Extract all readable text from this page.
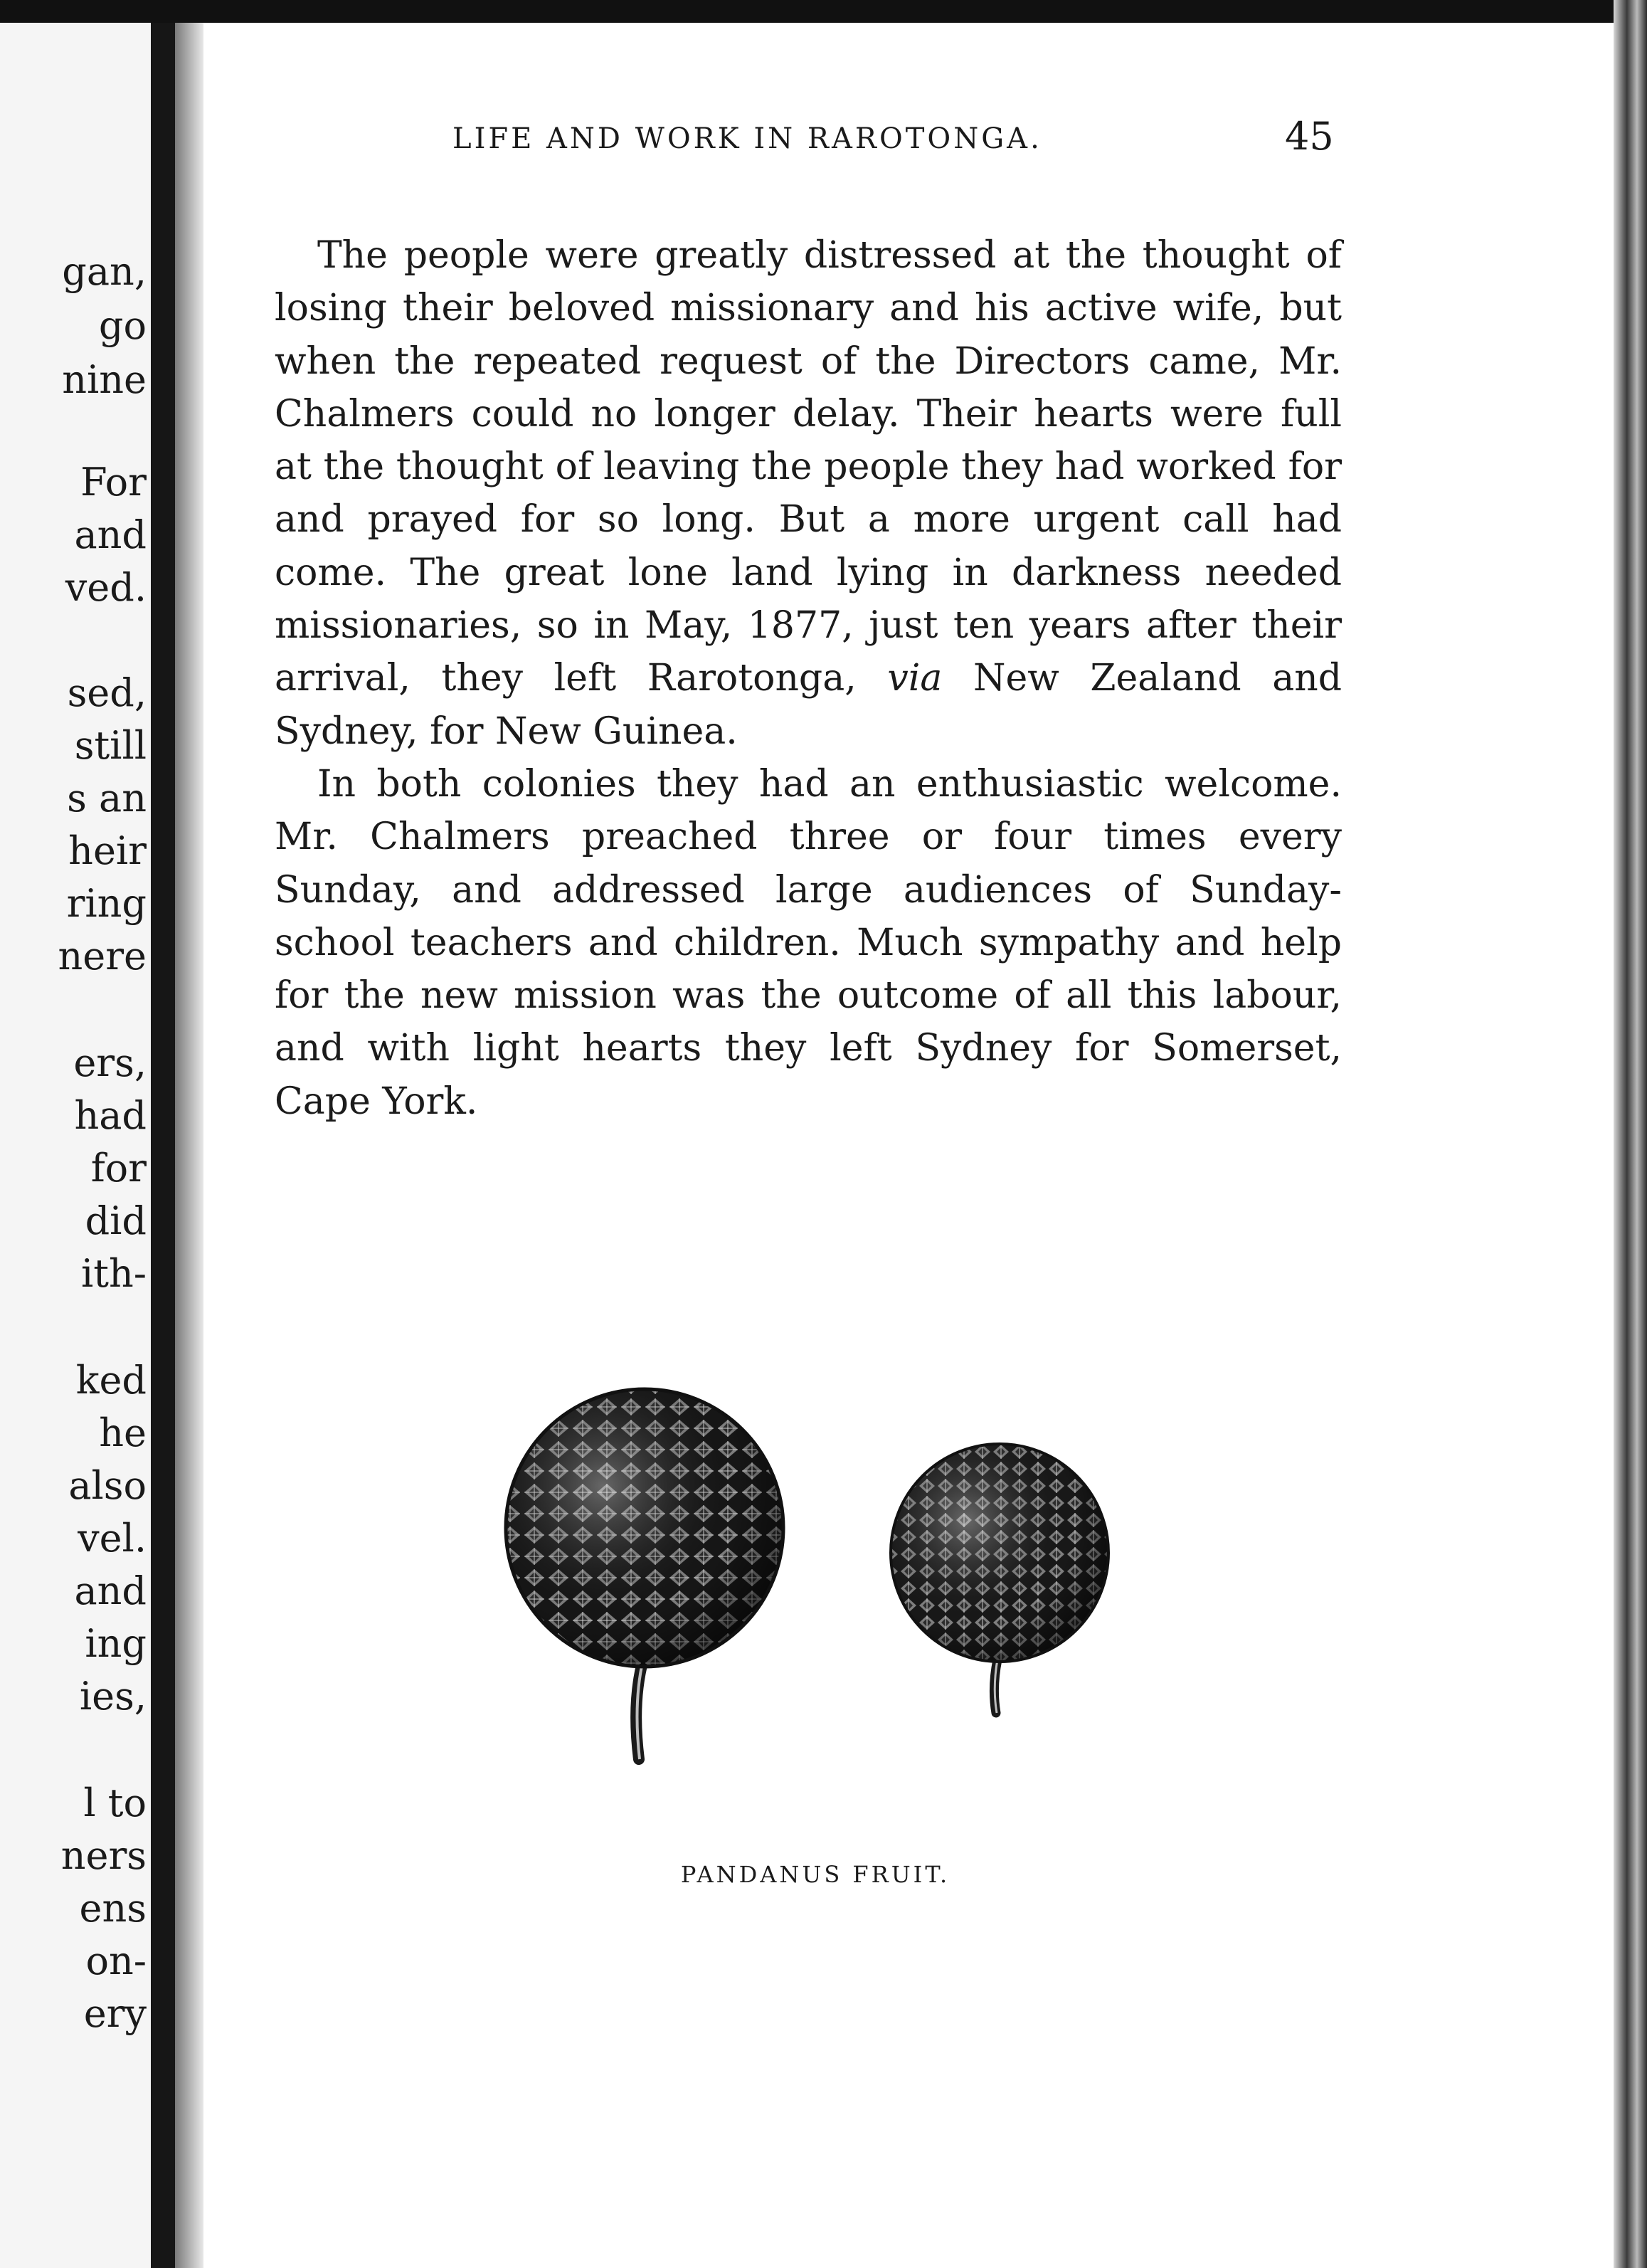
gan,

go

nine

For

and

ved.

sed,

still

s an

heir

ring

nere

ers,

had

for

did

ith-

ked

he

also

vel.

and

ing

ies,

l to

ners

ens

on-

ery

LIFE AND WORK IN RAROTONGA.	45

The people were greatly distressed at the thought of losing their beloved missionary and his active wife, but when the repeated request of the Directors came, Mr. Chalmers could no longer delay. Their hearts were full at the thought of leaving the people they had worked for and prayed for so long. But a more urgent call had come. The great lone land lying in darkness needed missionaries, so in May, 1877, just ten years after their arrival, they left Rarotonga, via New Zealand and Sydney, for New Guinea.

In both colonies they had an enthusiastic welcome. Mr. Chalmers preached three or four times every Sunday, and addressed large audiences of Sunday-school teachers and children. Much sympathy and help for the new mission was the outcome of all this labour, and with light hearts they left Sydney for Somerset, Cape York.

PANDANUS FRUIT.
